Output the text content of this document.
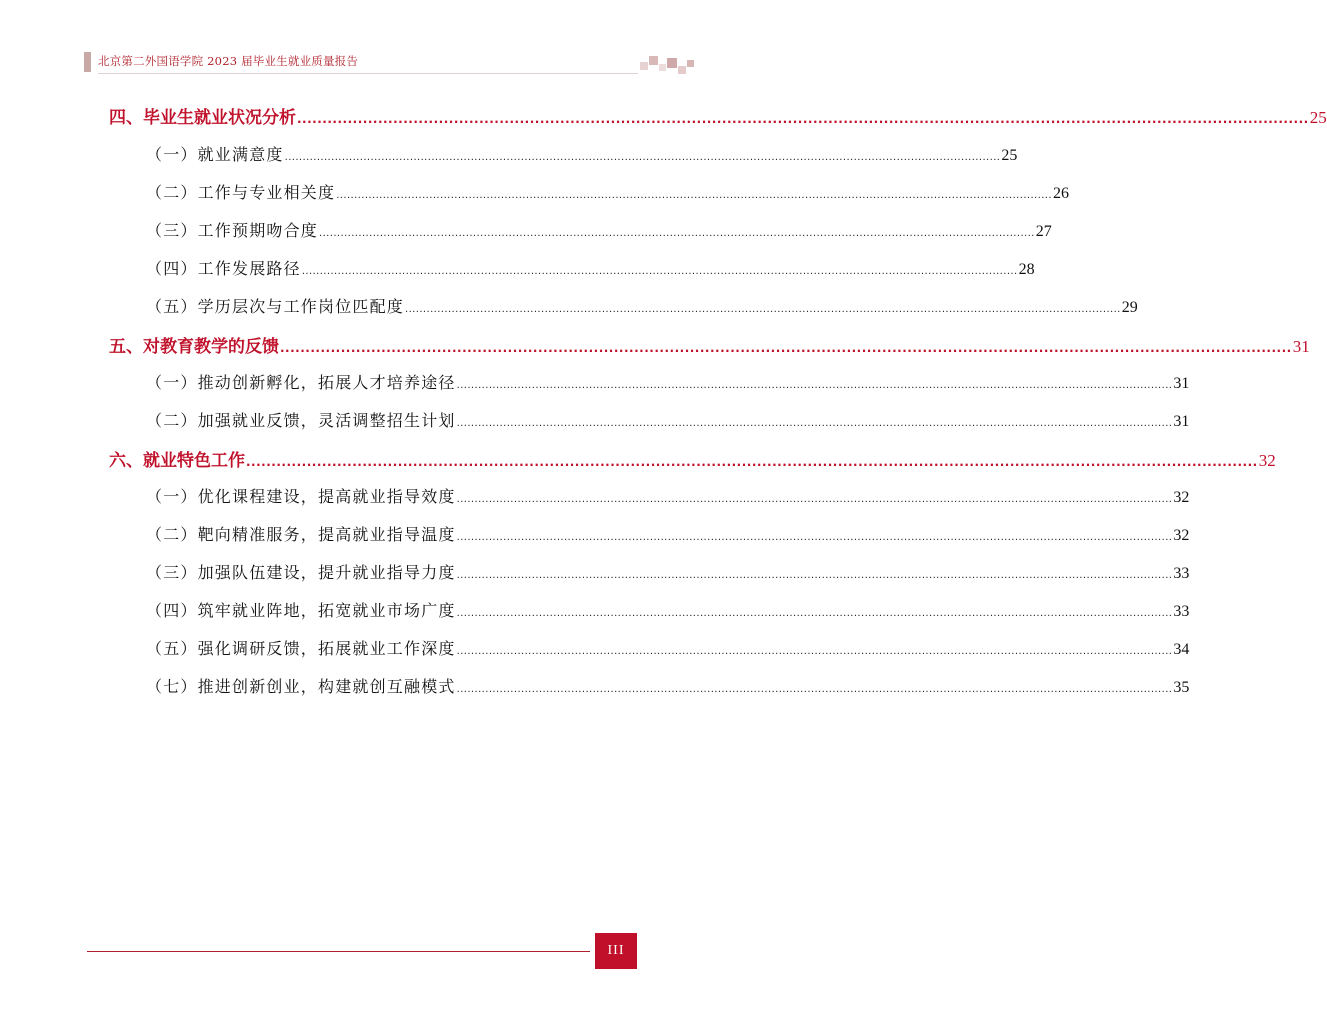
北京第二外国语学院 2023 届毕业生就业质量报告
四、毕业生就业状况分析 ........................................................................................................................................................................................................ 25
（一）就业满意度 ........................................................................................................................................................................................................ 25
（二）工作与专业相关度 ........................................................................................................................................................................................................ 26
（三）工作预期吻合度 ........................................................................................................................................................................................................ 27
（四）工作发展路径 ........................................................................................................................................................................................................ 28
（五）学历层次与工作岗位匹配度 ........................................................................................................................................................................................................ 29
五、对教育教学的反馈 ........................................................................................................................................................................................................ 31
（一）推动创新孵化，拓展人才培养途径 ........................................................................................................................................................................................................ 31
（二）加强就业反馈，灵活调整招生计划 ........................................................................................................................................................................................................ 31
六、就业特色工作 ........................................................................................................................................................................................................ 32
（一）优化课程建设，提高就业指导效度 ........................................................................................................................................................................................................ 32
（二）靶向精准服务，提高就业指导温度 ........................................................................................................................................................................................................ 32
（三）加强队伍建设，提升就业指导力度 ........................................................................................................................................................................................................ 33
（四）筑牢就业阵地，拓宽就业市场广度 ........................................................................................................................................................................................................ 33
（五）强化调研反馈，拓展就业工作深度 ........................................................................................................................................................................................................ 34
（七）推进创新创业，构建就创互融模式 ........................................................................................................................................................................................................ 35
III
